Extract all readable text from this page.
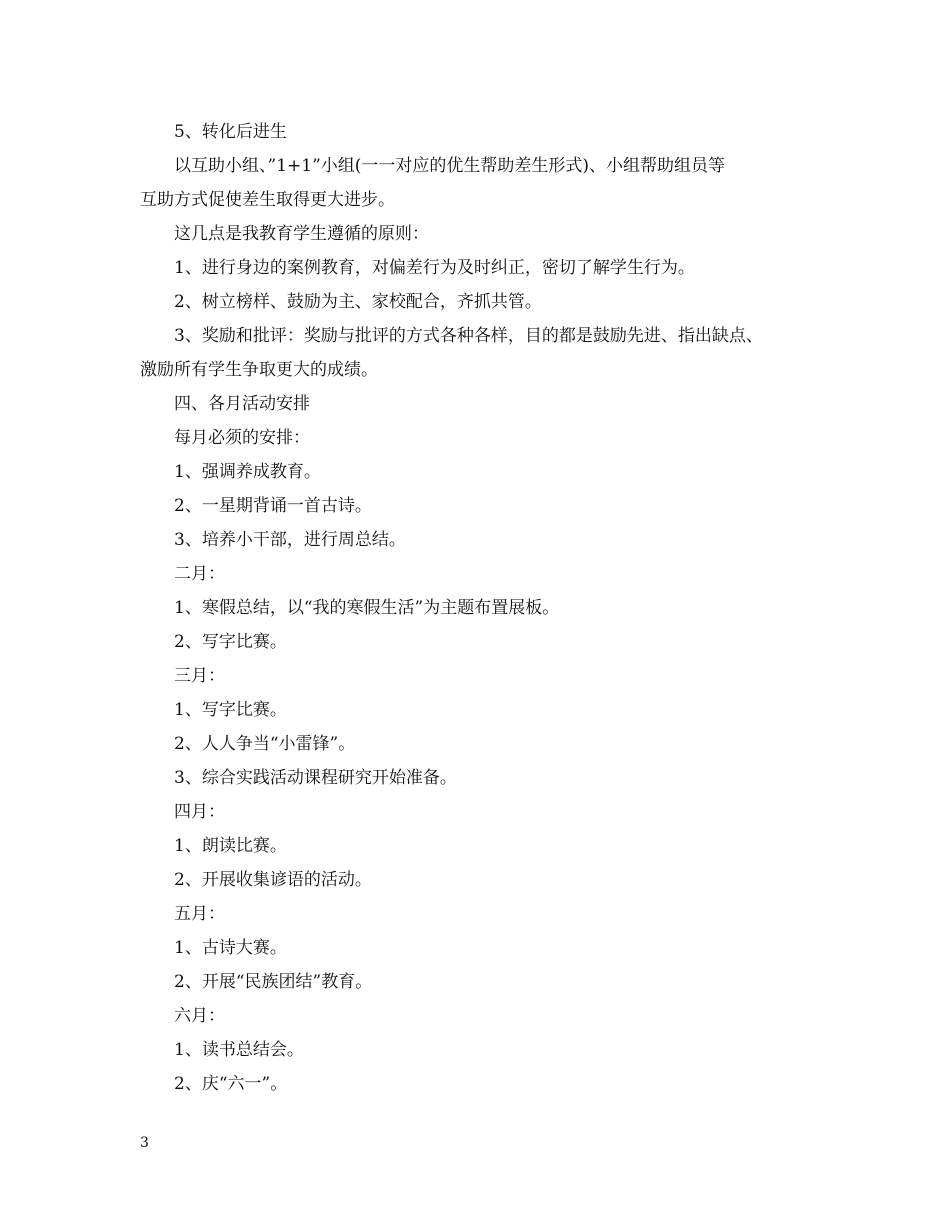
5、转化后进生
以互助小组、”1+1”小组(一一对应的优生帮助差生形式)、小组帮助组员等
互助方式促使差生取得更大进步。
这几点是我教育学生遵循的原则：
1、进行身边的案例教育，对偏差行为及时纠正，密切了解学生行为。
2、树立榜样、鼓励为主、家校配合，齐抓共管。
3、奖励和批评：奖励与批评的方式各种各样，目的都是鼓励先进、指出缺点、
激励所有学生争取更大的成绩。
四、各月活动安排
每月必须的安排：
1、强调养成教育。
2、一星期背诵一首古诗。
3、培养小干部，进行周总结。
二月：
1、寒假总结，以“我的寒假生活”为主题布置展板。
2、写字比赛。
三月：
1、写字比赛。
2、人人争当“小雷锋”。
3、综合实践活动课程研究开始准备。
四月：
1、朗读比赛。
2、开展收集谚语的活动。
五月：
1、古诗大赛。
2、开展“民族团结”教育。
六月：
1、读书总结会。
2、庆“六一”。
3
